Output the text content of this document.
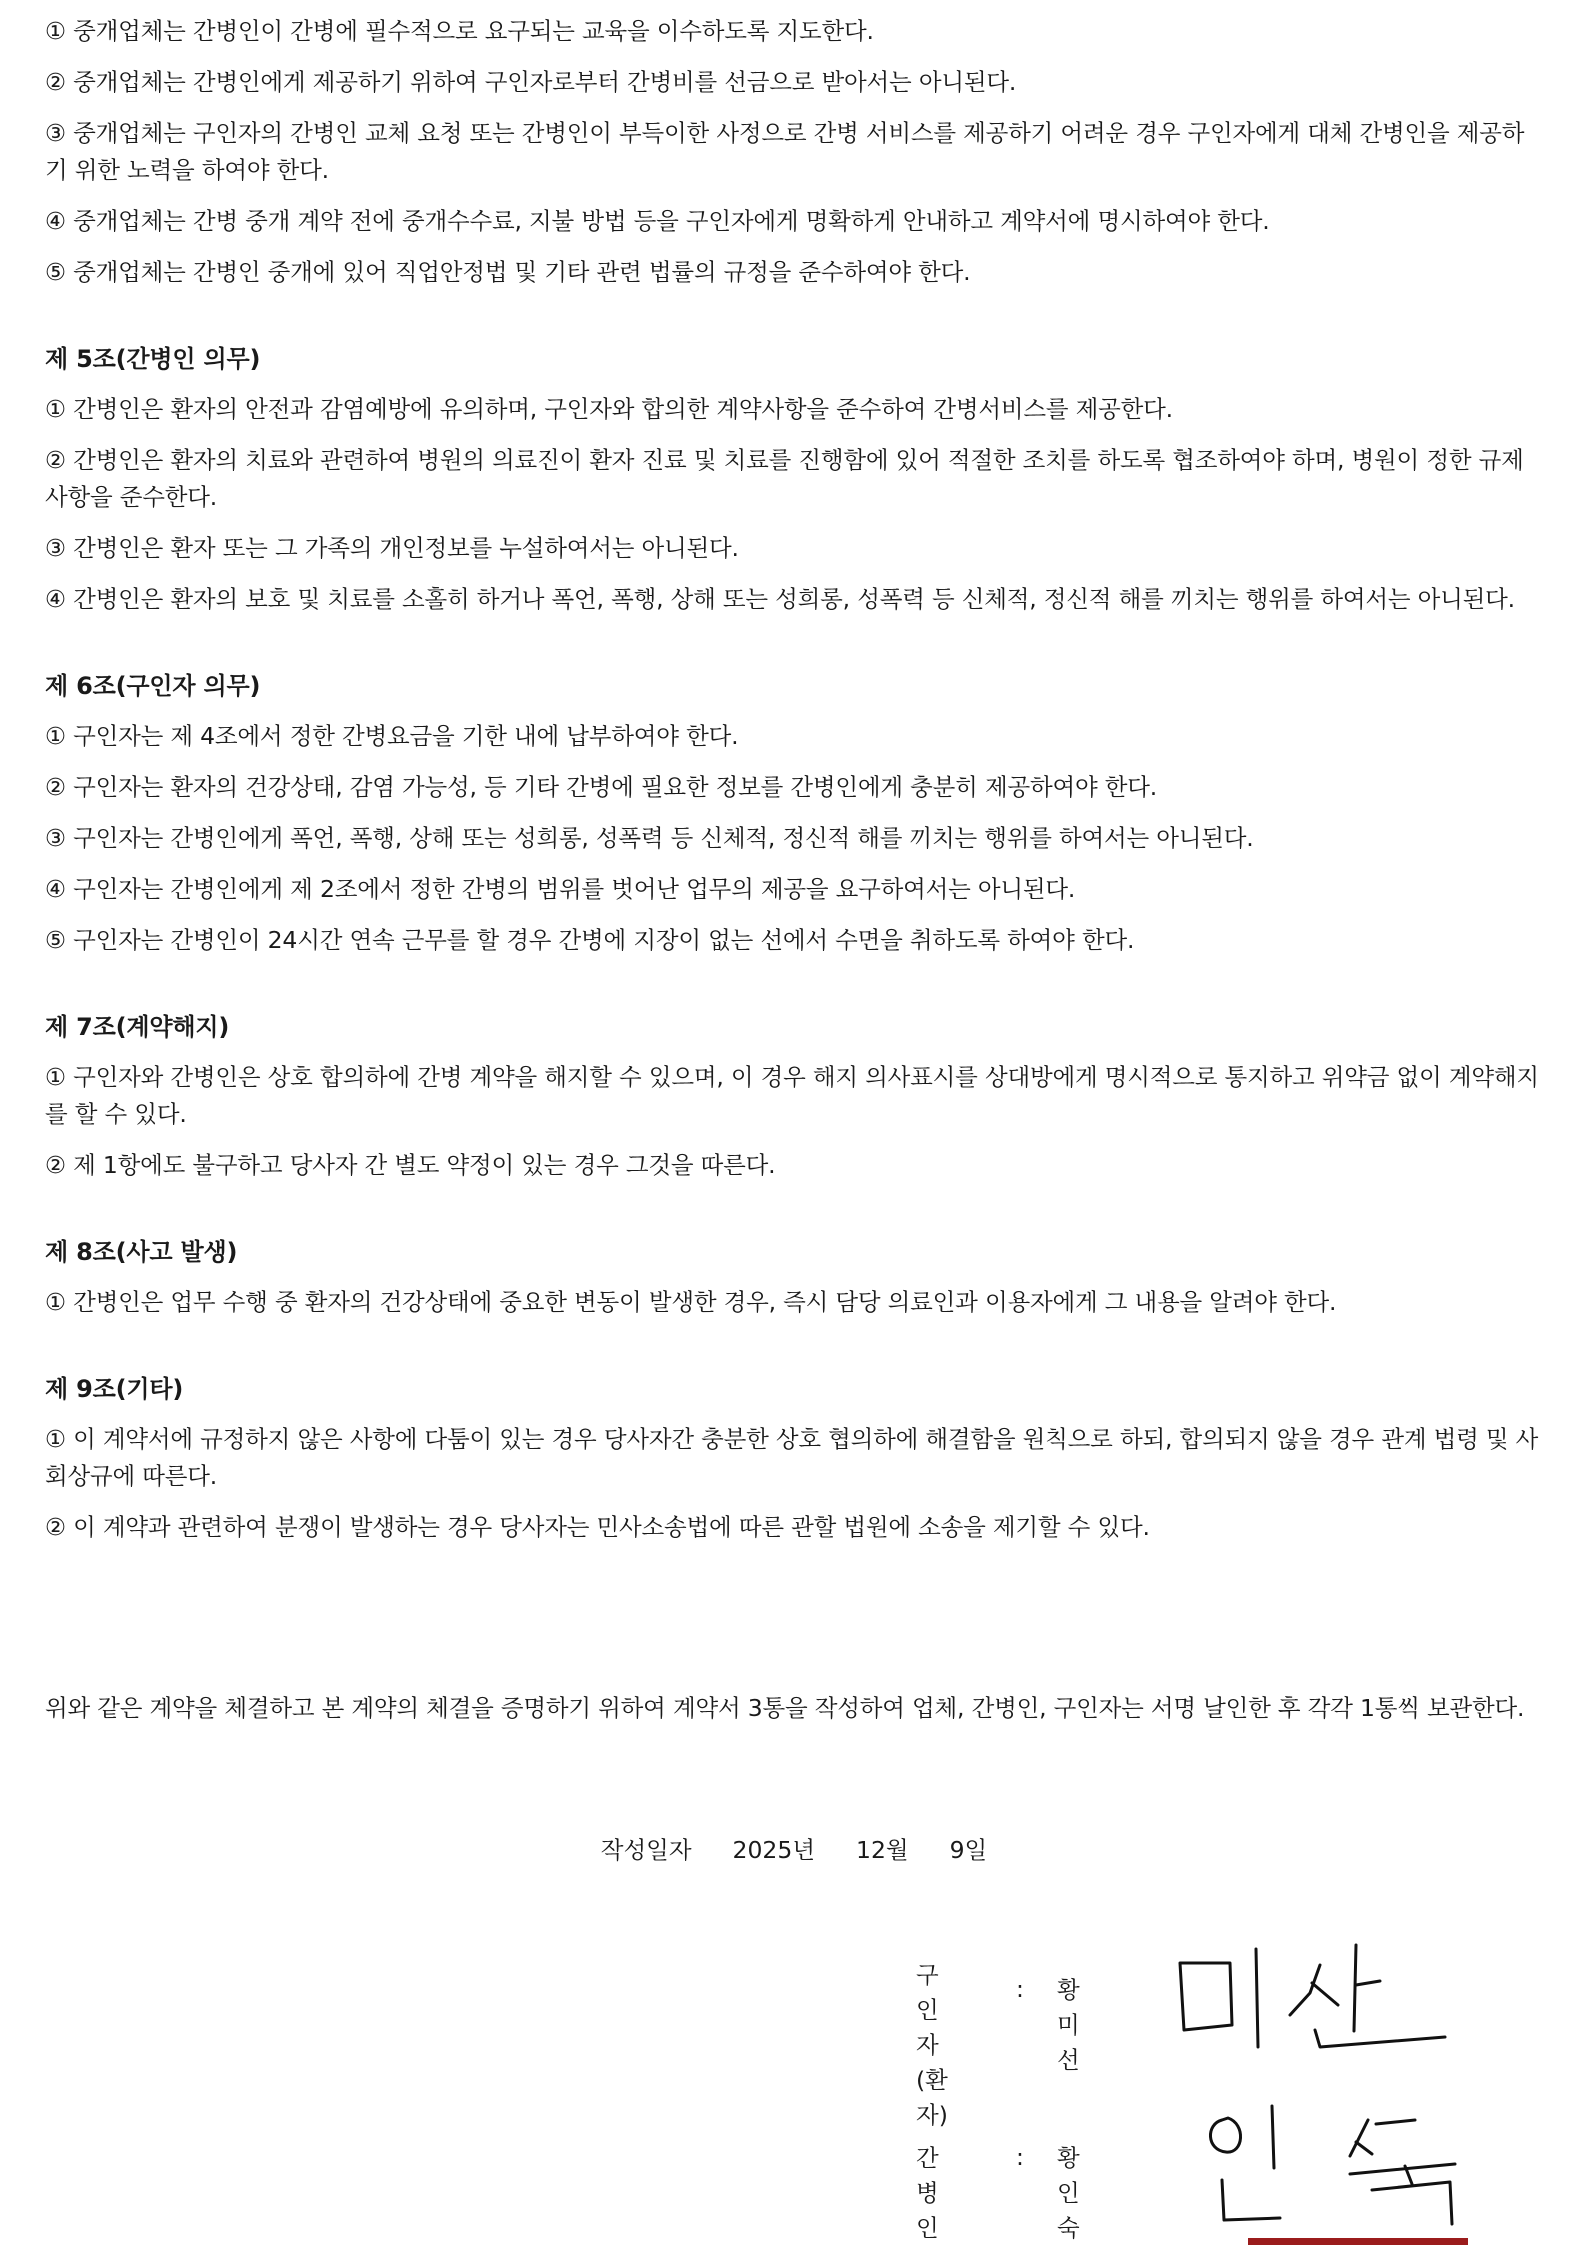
① 중개업체는 간병인이 간병에 필수적으로 요구되는 교육을 이수하도록 지도한다.

② 중개업체는 간병인에게 제공하기 위하여 구인자로부터 간병비를 선금으로 받아서는 아니된다.

③ 중개업체는 구인자의 간병인 교체 요청 또는 간병인이 부득이한 사정으로 간병 서비스를 제공하기 어려운 경우 구인자에게 대체 간병인을 제공하기 위한 노력을 하여야 한다.

④ 중개업체는 간병 중개 계약 전에 중개수수료, 지불 방법 등을 구인자에게 명확하게 안내하고 계약서에 명시하여야 한다.

⑤ 중개업체는 간병인 중개에 있어 직업안정법 및 기타 관련 법률의 규정을 준수하여야 한다.

제 5조(간병인 의무)

① 간병인은 환자의 안전과 감염예방에 유의하며, 구인자와 합의한 계약사항을 준수하여 간병서비스를 제공한다.

② 간병인은 환자의 치료와 관련하여 병원의 의료진이 환자 진료 및 치료를 진행함에 있어 적절한 조치를 하도록 협조하여야 하며, 병원이 정한 규제사항을 준수한다.

③ 간병인은 환자 또는 그 가족의 개인정보를 누설하여서는 아니된다.

④ 간병인은 환자의 보호 및 치료를 소홀히 하거나 폭언, 폭행, 상해 또는 성희롱, 성폭력 등 신체적, 정신적 해를 끼치는 행위를 하여서는 아니된다.

제 6조(구인자 의무)

① 구인자는 제 4조에서 정한 간병요금을 기한 내에 납부하여야 한다.

② 구인자는 환자의 건강상태, 감염 가능성, 등 기타 간병에 필요한 정보를 간병인에게 충분히 제공하여야 한다.

③ 구인자는 간병인에게 폭언, 폭행, 상해 또는 성희롱, 성폭력 등 신체적, 정신적 해를 끼치는 행위를 하여서는 아니된다.

④ 구인자는 간병인에게 제 2조에서 정한 간병의 범위를 벗어난 업무의 제공을 요구하여서는 아니된다.

⑤ 구인자는 간병인이 24시간 연속 근무를 할 경우 간병에 지장이 없는 선에서 수면을 취하도록 하여야 한다.

제 7조(계약해지)

① 구인자와 간병인은 상호 합의하에 간병 계약을 해지할 수 있으며, 이 경우 해지 의사표시를 상대방에게 명시적으로 통지하고 위약금 없이 계약해지를 할 수 있다.

② 제 1항에도 불구하고 당사자 간 별도 약정이 있는 경우 그것을 따른다.

제 8조(사고 발생)

① 간병인은 업무 수행 중 환자의 건강상태에 중요한 변동이 발생한 경우, 즉시 담당 의료인과 이용자에게 그 내용을 알려야 한다.

제 9조(기타)

① 이 계약서에 규정하지 않은 사항에 다툼이 있는 경우 당사자간 충분한 상호 협의하에 해결함을 원칙으로 하되, 합의되지 않을 경우 관계 법령 및 사회상규에 따른다.

② 이 계약과 관련하여 분쟁이 발생하는 경우 당사자는 민사소송법에 따른 관할 법원에 소송을 제기할 수 있다.

위와 같은 계약을 체결하고 본 계약의 체결을 증명하기 위하여 계약서 3통을 작성하여 업체, 간병인, 구인자는 서명 날인한 후 각각 1통씩 보관한다.

작성일자 2025년 12월 9일
구인자
(환자)
: 황미선
간병인
: 황인숙
